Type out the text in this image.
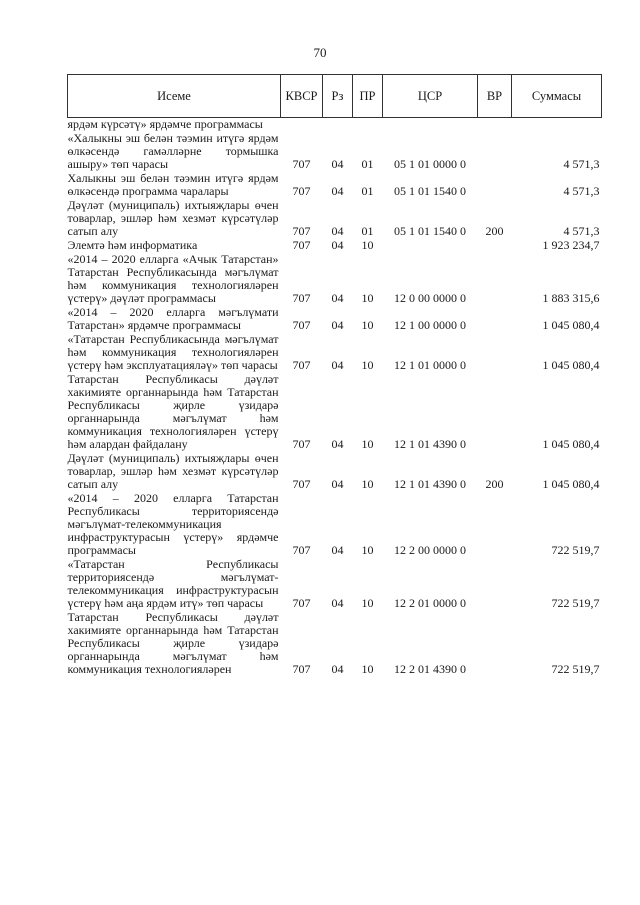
70
Исеме	КВСР	Рз	ПР	ЦСР	ВР	Суммасы
ярдәм күрсәтү» ярдәмче программасы						
«Халыкны эш белән тәэмин итүгә ярдәм өлкәсендә гамәлләрне тормышка ашыру» төп чарасы	707	04	01	05 1 01 0000 0		4 571,3
Халыкны эш белән тәэмин итүгә ярдәм өлкәсендә программа чаралары	707	04	01	05 1 01 1540 0		4 571,3
Дәүләт (муниципаль) ихтыяҗлары өчен товарлар, эшләр һәм хезмәт күрсәтүләр сатып алу	707	04	01	05 1 01 1540 0	200	4 571,3
Элемтә һәм информатика	707	04	10			1 923 234,7
«2014 – 2020 елларга «Ачык Татарстан» Татарстан Республикасында мәгълүмат һәм коммуникация технологияләрен үстерү» дәүләт программасы	707	04	10	12 0 00 0000 0		1 883 315,6
«2014 – 2020 елларга мәгълүмати Татарстан» ярдәмче программасы	707	04	10	12 1 00 0000 0		1 045 080,4
«Татарстан Республикасында мәгълүмат һәм коммуникация технологияләрен үстерү һәм эксплуатацияләү» төп чарасы	707	04	10	12 1 01 0000 0		1 045 080,4
Татарстан Республикасы дәүләт хакимияте органнарында һәм Татарстан Республикасы җирле үзидарә органнарында мәгълүмат һәм коммуникация технологияләрен үстерү һәм алардан файдалану	707	04	10	12 1 01 4390 0		1 045 080,4
Дәүләт (муниципаль) ихтыяҗлары өчен товарлар, эшләр һәм хезмәт күрсәтүләр сатып алу	707	04	10	12 1 01 4390 0	200	1 045 080,4
«2014 – 2020 елларга Татарстан Республикасы территориясендә мәгълүмат-телекоммуникация инфраструктурасын үстерү» ярдәмче программасы	707	04	10	12 2 00 0000 0		722 519,7
«Татарстан Республикасы территориясендә мәгълүмат-телекоммуникация инфраструктурасын үстерү һәм аңа ярдәм итү» төп чарасы	707	04	10	12 2 01 0000 0		722 519,7
Татарстан Республикасы дәүләт хакимияте органнарында һәм Татарстан Республикасы җирле үзидарә органнарында мәгълүмат һәм коммуникация технологияләрен	707	04	10	12 2 01 4390 0		722 519,7
